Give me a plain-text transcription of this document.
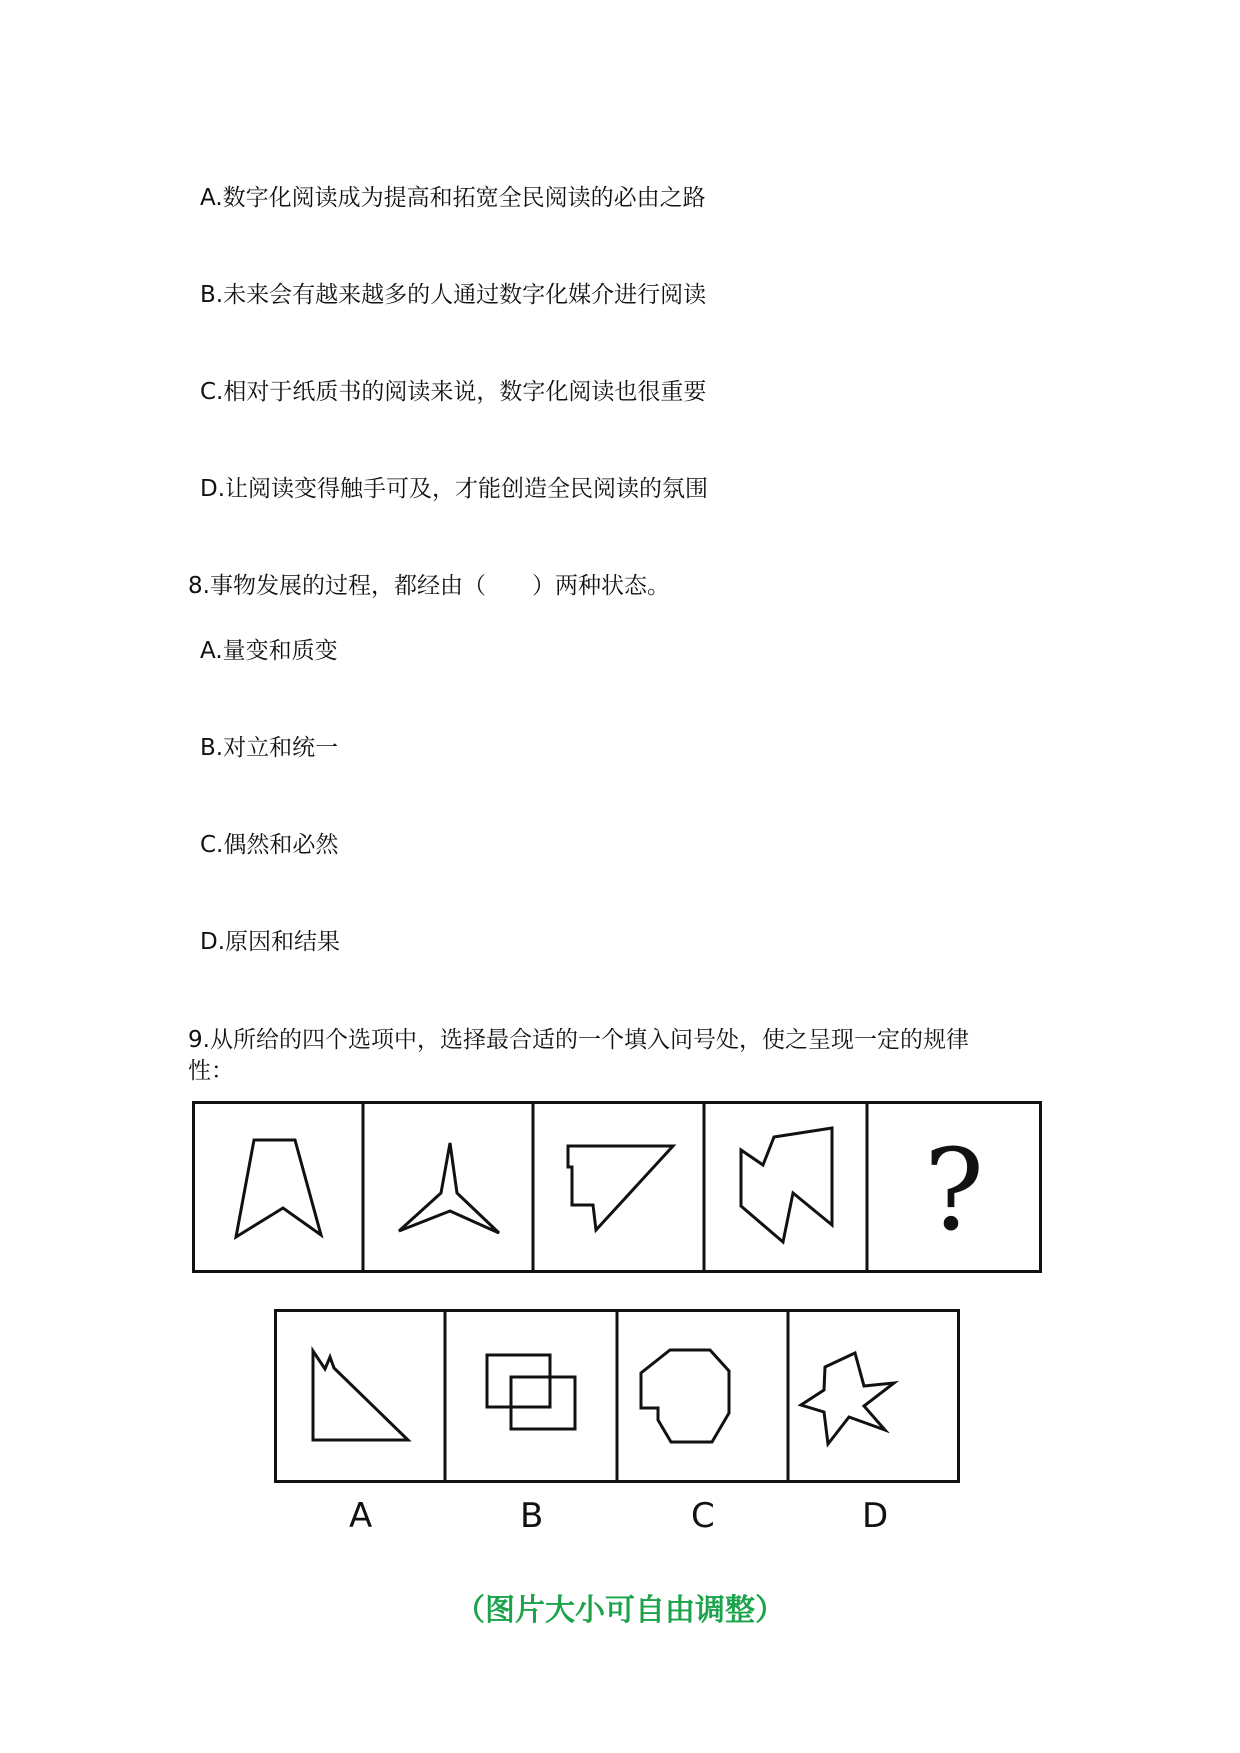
A.数字化阅读成为提高和拓宽全民阅读的必由之路
B.未来会有越来越多的人通过数字化媒介进行阅读
C.相对于纸质书的阅读来说，数字化阅读也很重要
D.让阅读变得触手可及，才能创造全民阅读的氛围
8.事物发展的过程，都经由（　　）两种状态。
A.量变和质变
B.对立和统一
C.偶然和必然
D.原因和结果
9.从所给的四个选项中，选择最合适的一个填入问号处，使之呈现一定的规律
性：
?
A	B	C	D
（图片大小可自由调整）
